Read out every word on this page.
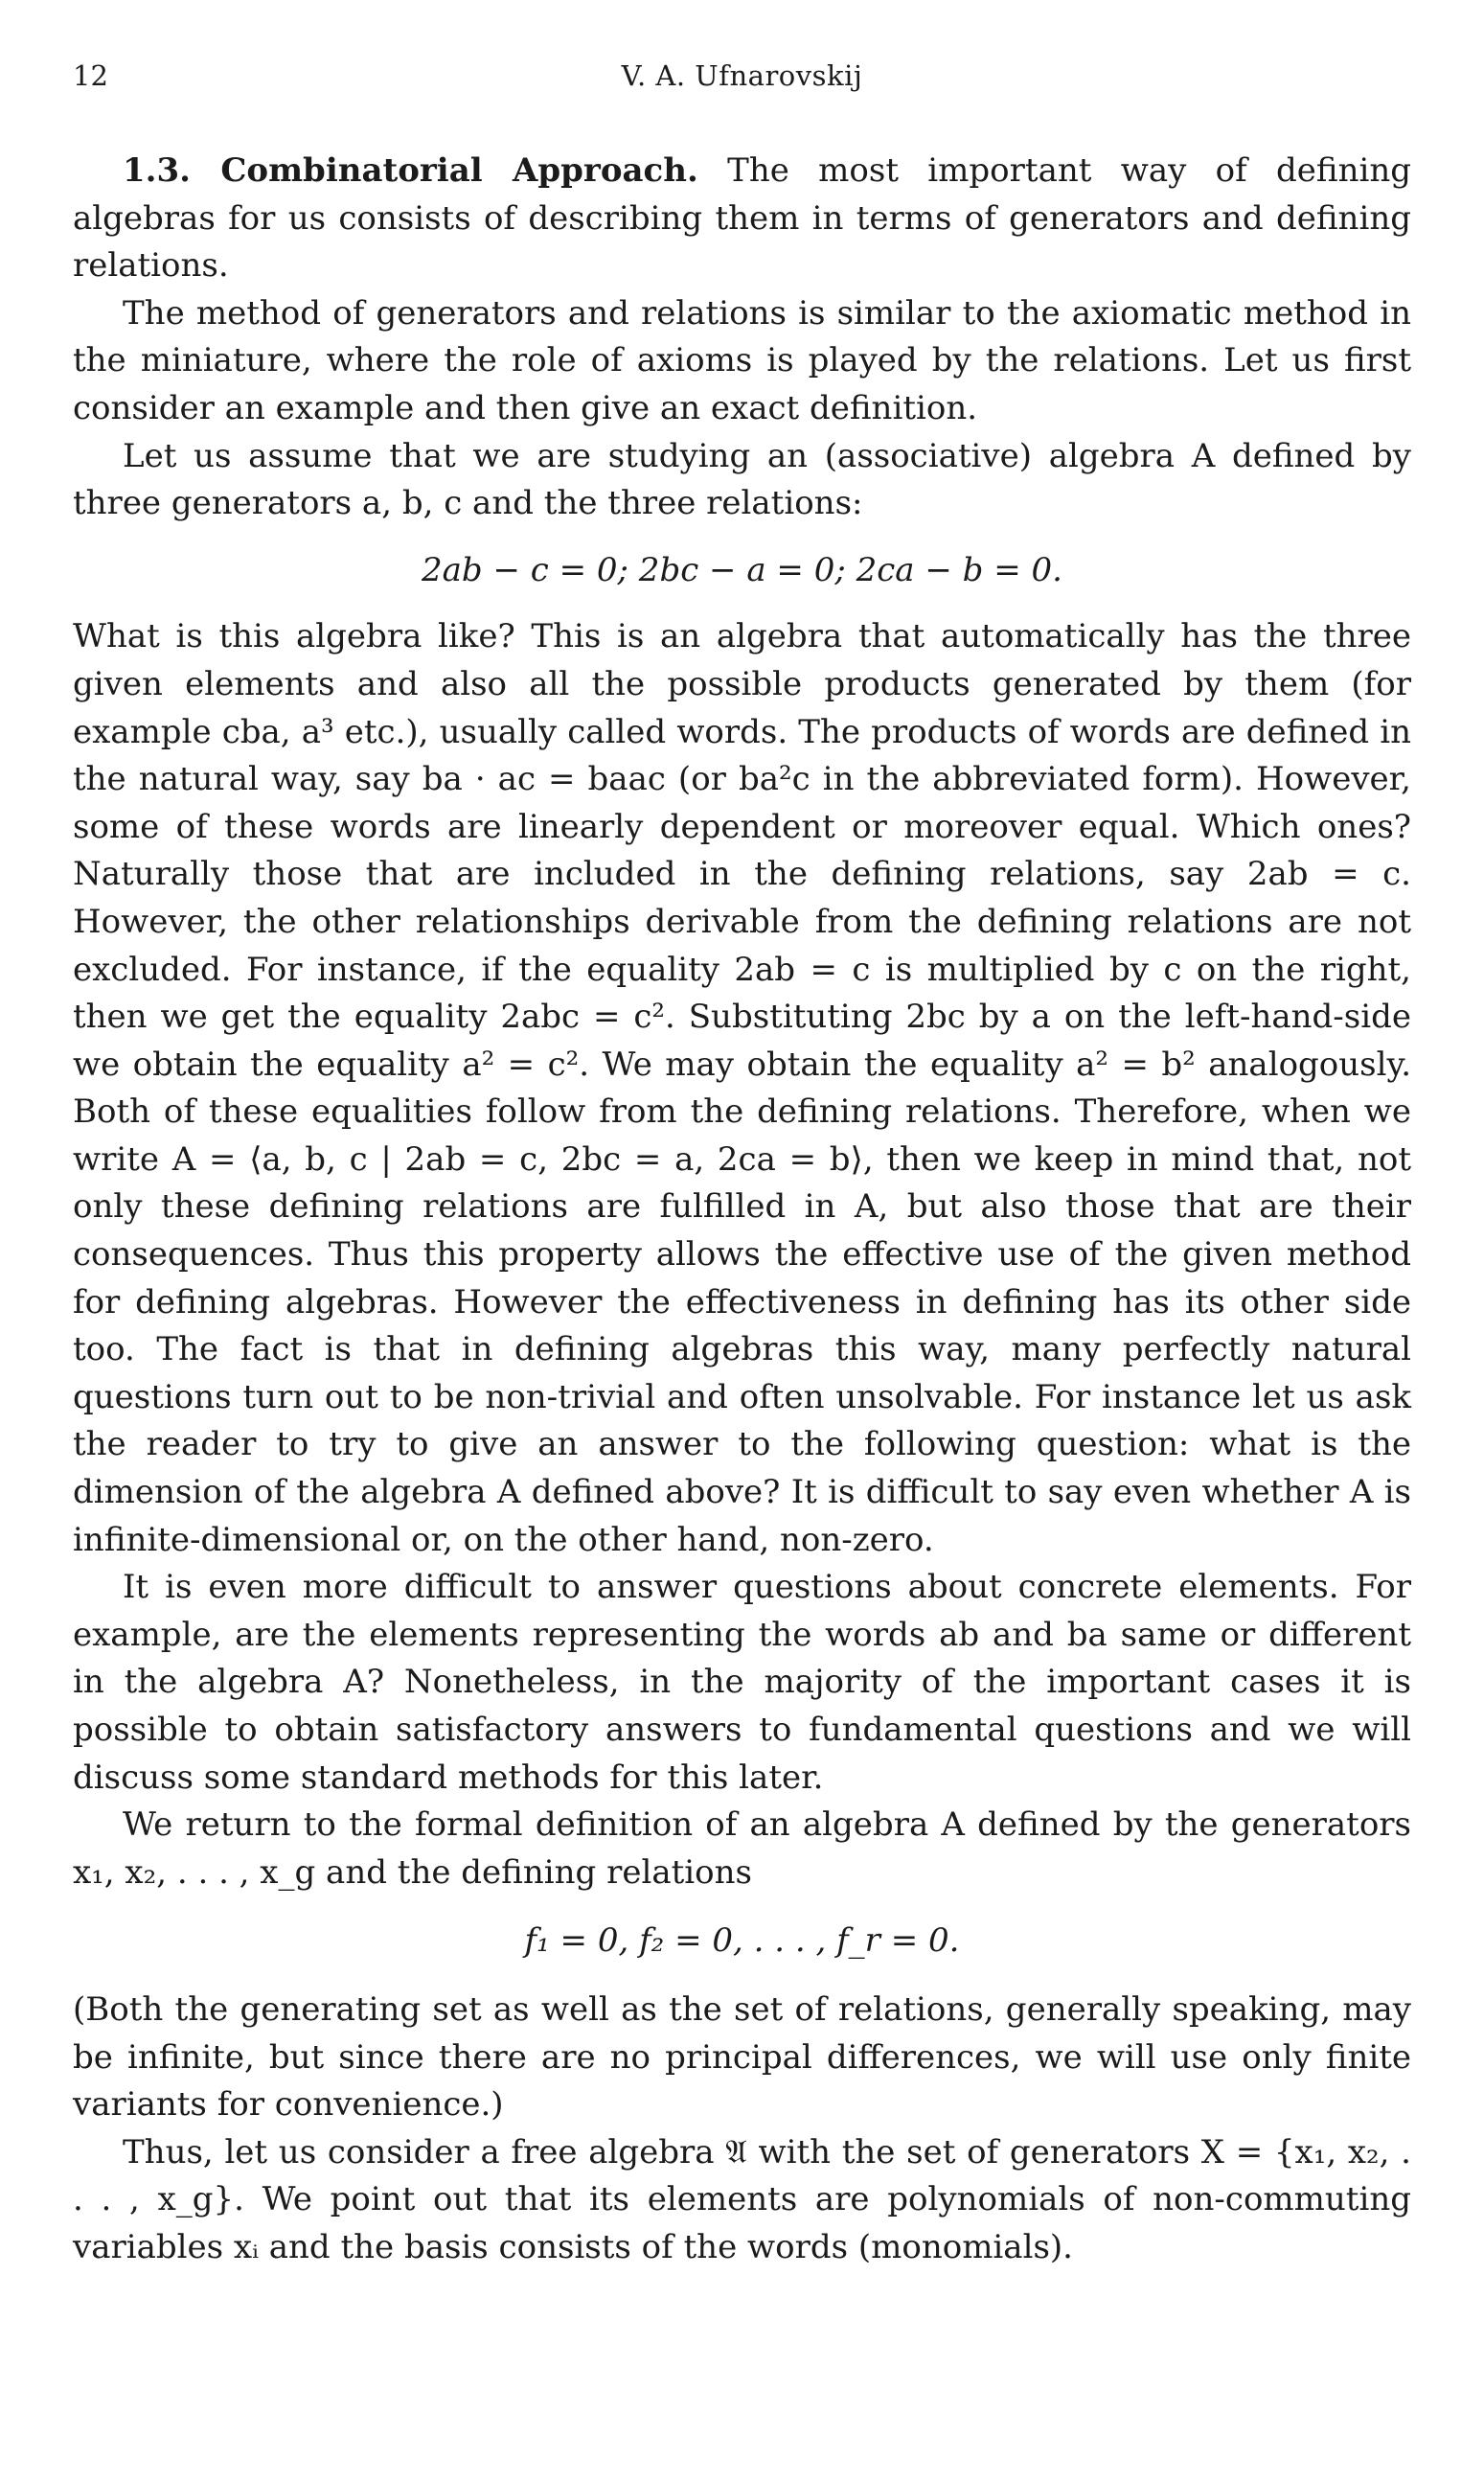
12	V. A. Ufnarovskij

1.3. Combinatorial Approach. The most important way of defining algebras for us consists of describing them in terms of generators and defining relations.

The method of generators and relations is similar to the axiomatic method in the miniature, where the role of axioms is played by the relations. Let us first consider an example and then give an exact definition.

Let us assume that we are studying an (associative) algebra A defined by three generators a, b, c and the three relations:

2ab − c = 0; 2bc − a = 0; 2ca − b = 0.

What is this algebra like? This is an algebra that automatically has the three given elements and also all the possible products generated by them (for example cba, a³ etc.), usually called words. The products of words are defined in the natural way, say ba · ac = baac (or ba²c in the abbreviated form). However, some of these words are linearly dependent or moreover equal. Which ones? Naturally those that are included in the defining relations, say 2ab = c. However, the other relationships derivable from the defining relations are not excluded. For instance, if the equality 2ab = c is multiplied by c on the right, then we get the equality 2abc = c². Substituting 2bc by a on the left-hand-side we obtain the equality a² = c². We may obtain the equality a² = b² analogously. Both of these equalities follow from the defining relations. Therefore, when we write A = ⟨a, b, c | 2ab = c, 2bc = a, 2ca = b⟩, then we keep in mind that, not only these defining relations are fulfilled in A, but also those that are their consequences. Thus this property allows the effective use of the given method for defining algebras. However the effectiveness in defining has its other side too. The fact is that in defining algebras this way, many perfectly natural questions turn out to be non-trivial and often unsolvable. For instance let us ask the reader to try to give an answer to the following question: what is the dimension of the algebra A defined above? It is difficult to say even whether A is infinite-dimensional or, on the other hand, non-zero.

It is even more difficult to answer questions about concrete elements. For example, are the elements representing the words ab and ba same or different in the algebra A? Nonetheless, in the majority of the important cases it is possible to obtain satisfactory answers to fundamental questions and we will discuss some standard methods for this later.

We return to the formal definition of an algebra A defined by the generators x₁, x₂, . . . , x_g and the defining relations

f₁ = 0, f₂ = 0, . . . , f_r = 0.

(Both the generating set as well as the set of relations, generally speaking, may be infinite, but since there are no principal differences, we will use only finite variants for convenience.)

Thus, let us consider a free algebra 𝔄 with the set of generators X = {x₁, x₂, . . . , x_g}. We point out that its elements are polynomials of non-commuting variables xᵢ and the basis consists of the words (monomials).
